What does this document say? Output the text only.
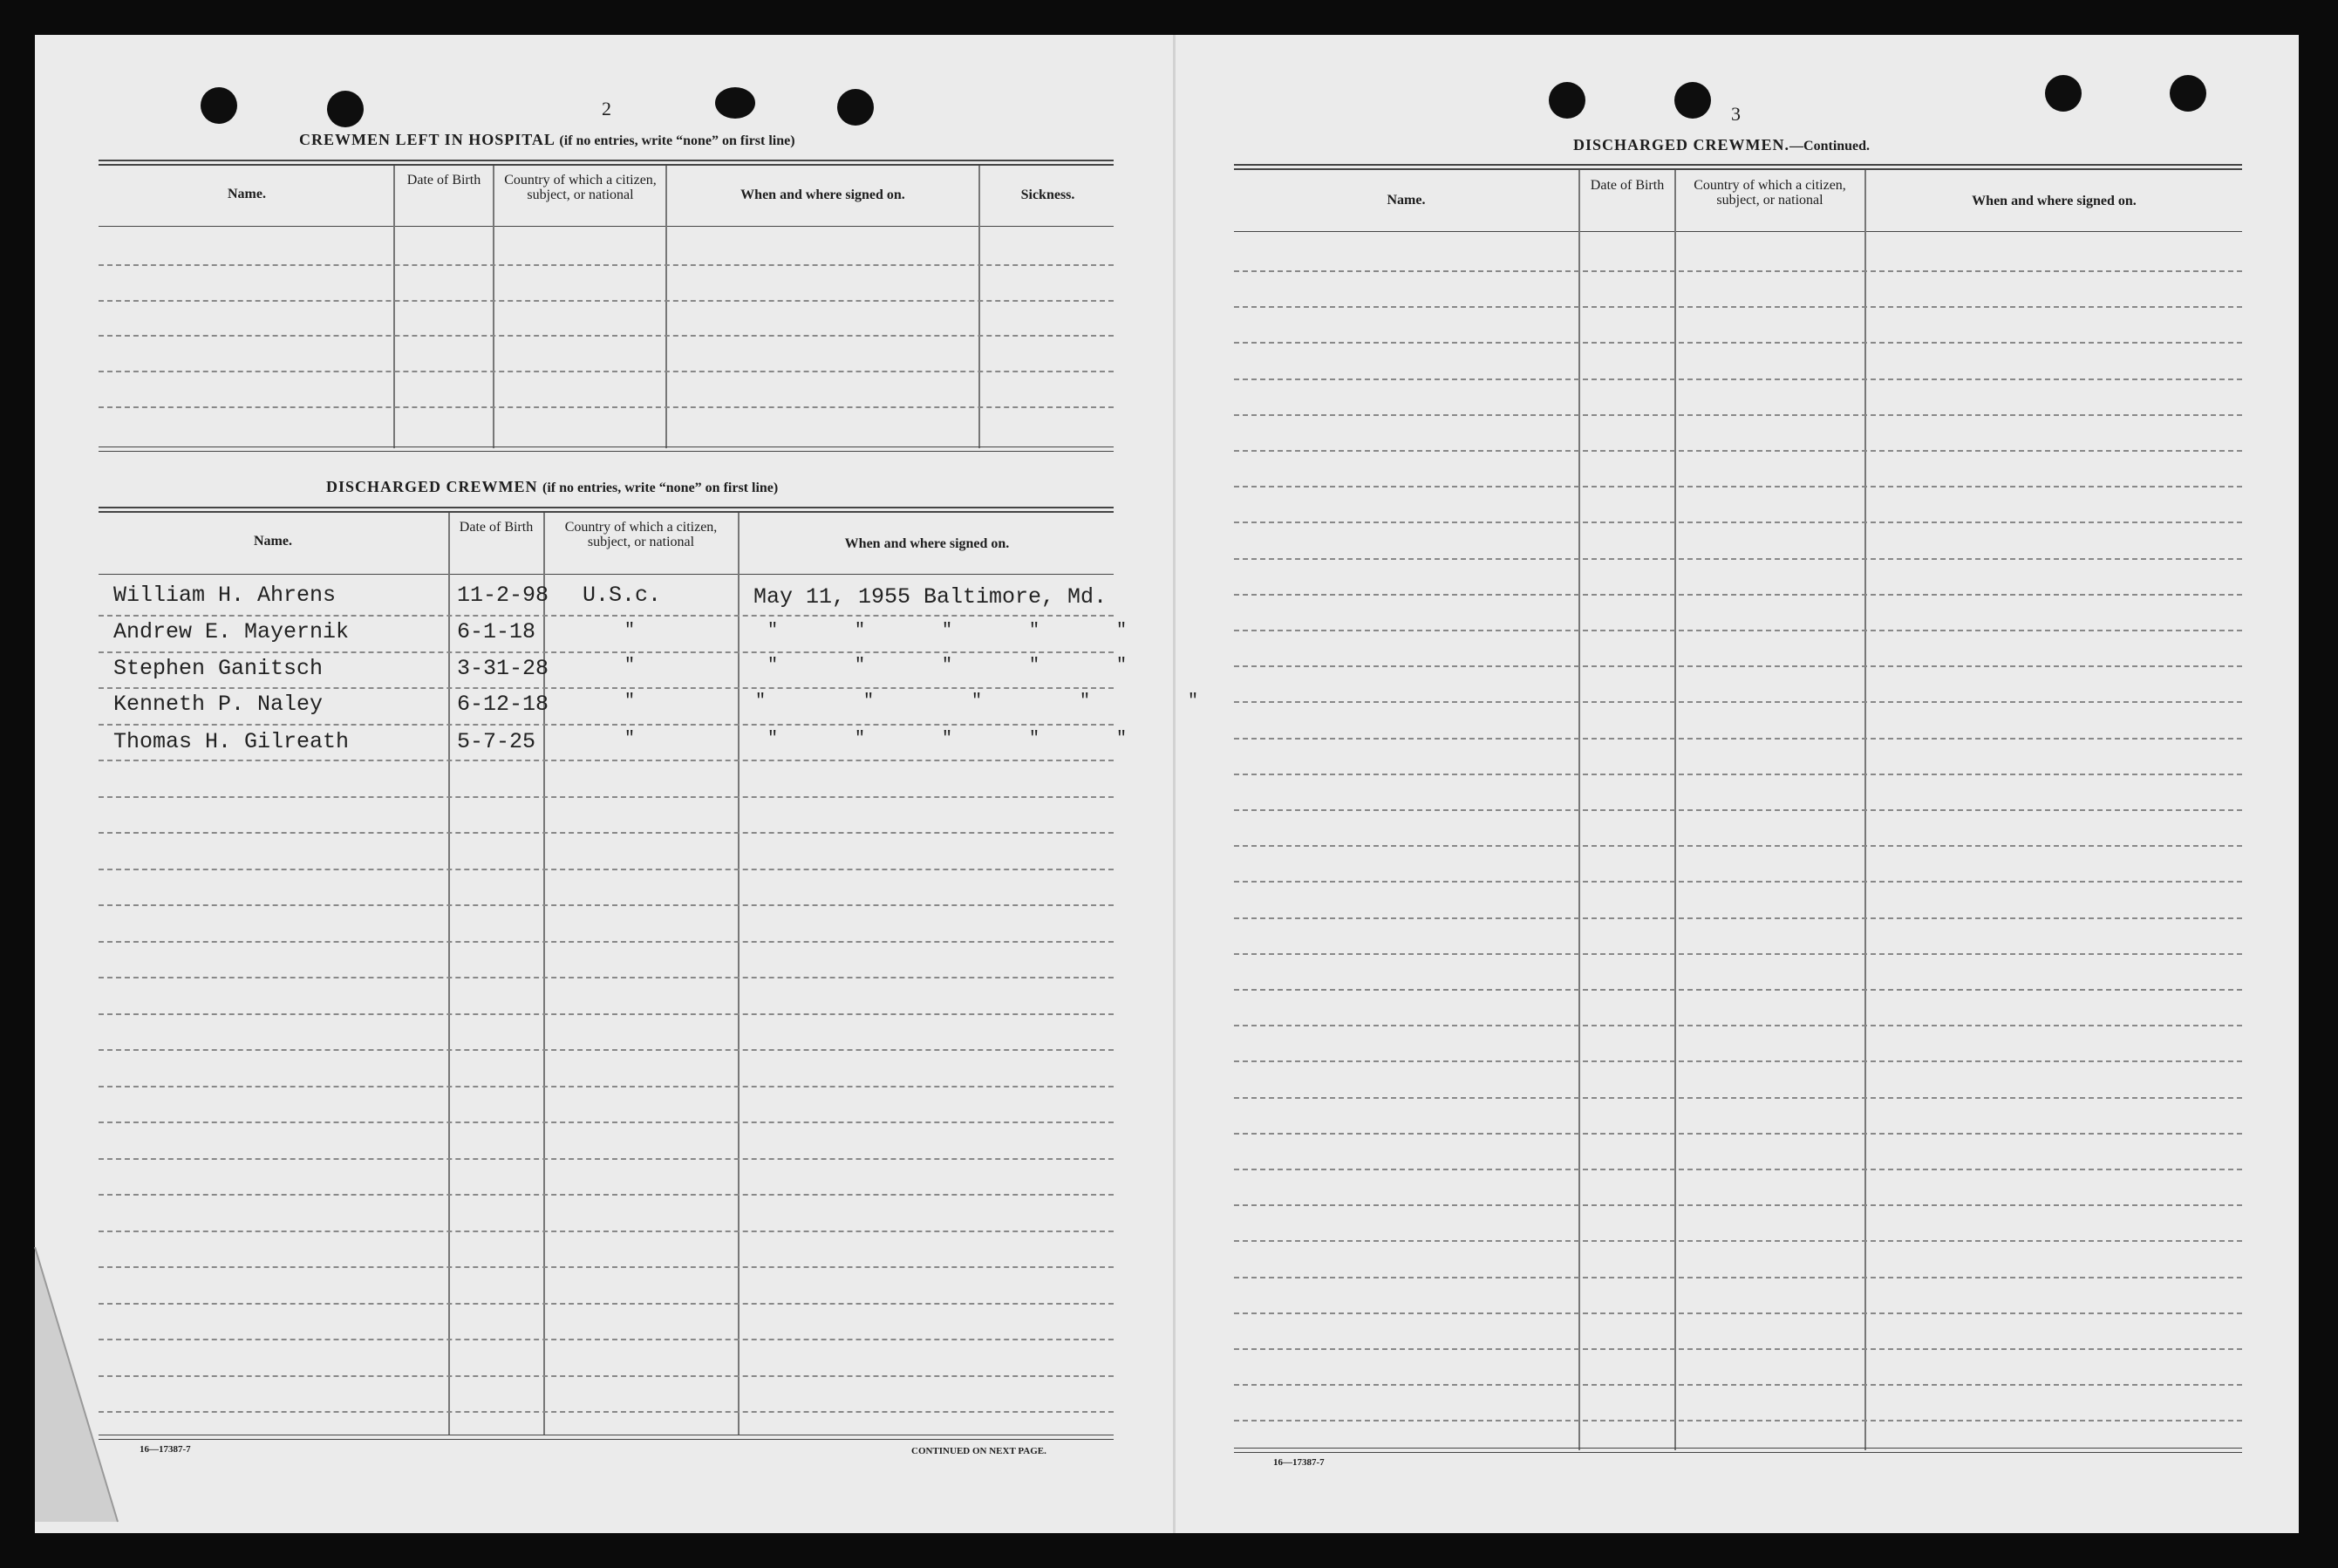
2
CREWMEN LEFT IN HOSPITAL (if no entries, write “none” on first line)
Name.
Date of Birth	Country of which a citizen, subject, or national	When and where signed on.	Sickness.
DISCHARGED CREWMEN (if no entries, write “none” on first line)
Name.
Date of Birth	Country of which a citizen, subject, or national	When and where signed on.
William H. Ahrens	11-2-98 U.S.c.	May 11, 1955 Baltimore, Md.
Andrew E. Mayernik	6-1-18	"	" " " " "
Stephen Ganitsch	3-31-28	"	" " " " "
Kenneth P. Naley	6-12-18	"	" " " " "
Thomas H. Gilreath	5-7-25	"	" " " " "
16—17387-7	CONTINUED ON NEXT PAGE.
3
DISCHARGED CREWMEN.—Continued.
Name.
Date of Birth	Country of which a citizen, subject, or national	When and where signed on.
16—17387-7
